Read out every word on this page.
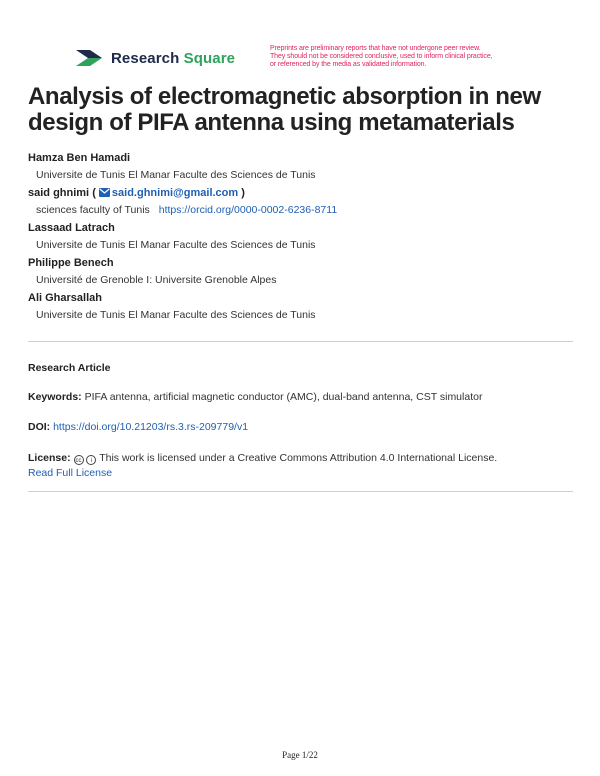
Research Square
Preprints are preliminary reports that have not undergone peer review.
They should not be considered conclusive, used to inform clinical practice,
or referenced by the media as validated information.
Analysis of electromagnetic absorption in new design of PIFA antenna using metamaterials
Hamza Ben Hamadi
Universite de Tunis El Manar Faculte des Sciences de Tunis
said ghnimi ( said.ghnimi@gmail.com )
sciences faculty of Tunis https://orcid.org/0000-0002-6236-8711
Lassaad Latrach
Universite de Tunis El Manar Faculte des Sciences de Tunis
Philippe Benech
Université de Grenoble I: Universite Grenoble Alpes
Ali Gharsallah
Universite de Tunis El Manar Faculte des Sciences de Tunis
Research Article
Keywords: PIFA antenna, artificial magnetic conductor (AMC), dual-band antenna, CST simulator
DOI: https://doi.org/10.21203/rs.3.rs-209779/v1
License: cc i This work is licensed under a Creative Commons Attribution 4.0 International License.
Read Full License
Page 1/22
